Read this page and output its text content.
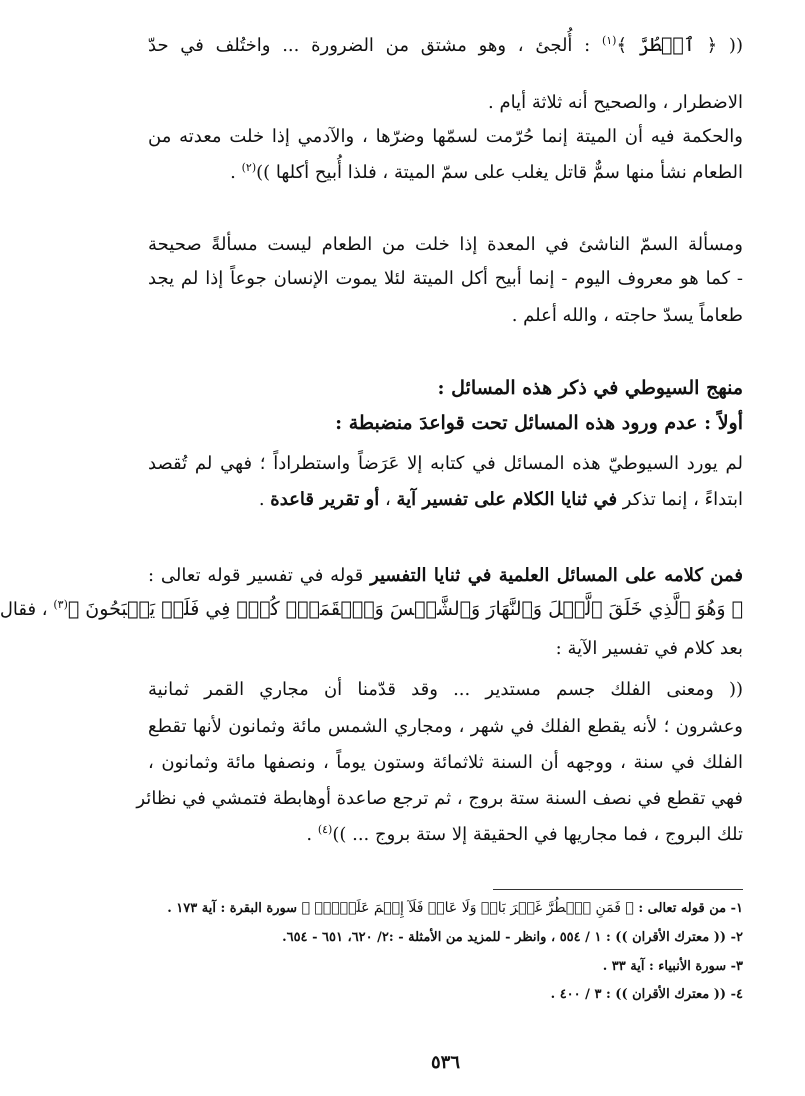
(( ﴿ ٱضۡطُرَّ ﴾$^{(١)}$ : أُلجئ ، وهو مشتق من الضرورة ... واختُلف في حدّ
الاضطرار ، والصحيح أنه ثلاثة أيام .
والحكمة فيه أن الميتة إنما حُرّمت لسمّها وضرّها ، والآدمي إذا خلت معدته من
الطعام نشأ منها سمٌّ قاتل يغلب على سمّ الميتة ، فلذا أُبيح أكلها ))$^{(٢)}$ .
ومسألة السمّ الناشئ في المعدة إذا خلت من الطعام ليست مسألةً صحيحة
- كما هو معروف اليوم - إنما أبيح أكل الميتة لئلا يموت الإنسان جوعاً إذا لم يجد
طعاماً يسدّ حاجته ، والله أعلم .
منهج السيوطي في ذكر هذه المسائل :
أولاً : عدم ورود هذه المسائل تحت قواعدَ منضبطة :
لم يورد السيوطيّ هذه المسائل في كتابه إلا عَرَضاً واستطراداً ؛ فهي لم تُقصد
ابتداءً ، إنما تذكر في ثنايا الكلام على تفسير آية ، أو تقرير قاعدة .
فمن كلامه على المسائل العلمية في ثنايا التفسير قوله في تفسير قوله تعالى :
﴿ وَهُوَ ٱلَّذِي خَلَقَ ٱلَّيۡلَ وَٱلنَّهَارَ وَٱلشَّمۡسَ وَٱلۡقَمَرَۖ كُلّٞ فِي فَلَكٖ يَسۡبَحُونَ ﴾$^{(٣)}$ ، فقال
بعد كلام في تفسير الآية :
(( ومعنى الفلك جسم مستدير ... وقد قدّمنا أن مجاري القمر ثمانية
وعشرون ؛ لأنه يقطع الفلك في شهر ، ومجاري الشمس مائة وثمانون لأنها تقطع
الفلك في سنة ، ووجهه أن السنة ثلاثمائة وستون يوماً ، ونصفها مائة وثمانون ،
فهي تقطع في نصف السنة ستة بروج ، ثم ترجع صاعدة أوهابطة فتمشي في نظائر
تلك البروج ، فما مجاريها في الحقيقة إلا ستة بروج ... ))$^{(٤)}$ .
١- من قوله تعالى : ﴿ فَمَنِ ٱضۡطُرَّ غَيۡرَ بَاغٖ وَلَا عَادٖ فَلَآ إِثۡمَ عَلَيۡهِۚ ﴾ سورة البقرة : آية ١٧٣ .
٢- (( معترك الأقران )) : ١ / ٥٥٤ ، وانظر - للمزيد من الأمثلة - :٢/ ٦٢٠، ٦٥١ - ٦٥٤.
٣- سورة الأنبياء : آية ٣٣ .
٤- (( معترك الأقران )) : ٣ / ٤٠٠ .
٥٣٦
